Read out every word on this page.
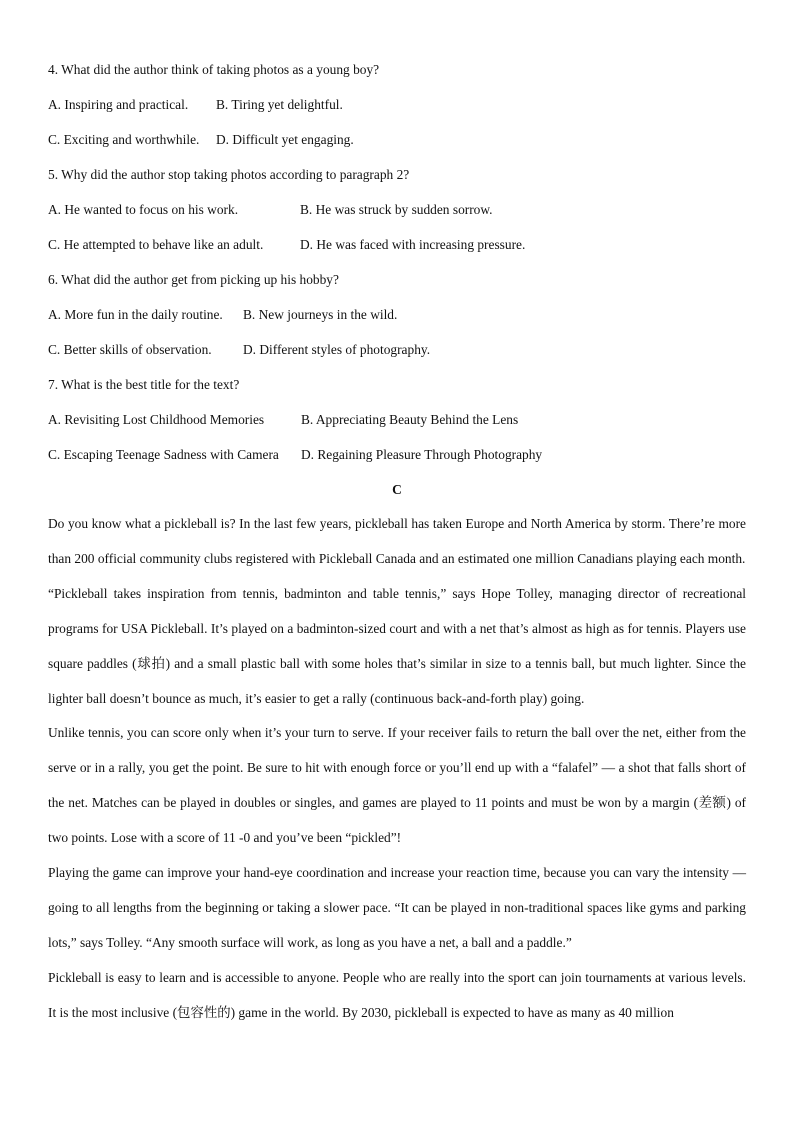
4. What did the author think of taking photos as a young boy?
A. Inspiring and practical.	B. Tiring yet delightful.
C. Exciting and worthwhile.	D. Difficult yet engaging.
5. Why did the author stop taking photos according to paragraph 2?
A. He wanted to focus on his work.	B. He was struck by sudden sorrow.
C. He attempted to behave like an adult.	D. He was faced with increasing pressure.
6. What did the author get from picking up his hobby?
A. More fun in the daily routine.	B. New journeys in the wild.
C. Better skills of observation.	D. Different styles of photography.
7. What is the best title for the text?
A. Revisiting Lost Childhood Memories	B. Appreciating Beauty Behind the Lens
C. Escaping Teenage Sadness with Camera	D. Regaining Pleasure Through Photography
C
Do you know what a pickleball is? In the last few years, pickleball has taken Europe and North America by storm. There’re more than 200 official community clubs registered with Pickleball Canada and an estimated one million Canadians playing each month.
“Pickleball takes inspiration from tennis, badminton and table tennis,” says Hope Tolley, managing director of recreational programs for USA Pickleball. It’s played on a badminton-sized court and with a net that’s almost as high as for tennis. Players use square paddles (球拍) and a small plastic ball with some holes that’s similar in size to a tennis ball, but much lighter. Since the lighter ball doesn’t bounce as much, it’s easier to get a rally (continuous back-and-forth play) going.
Unlike tennis, you can score only when it’s your turn to serve. If your receiver fails to return the ball over the net, either from the serve or in a rally, you get the point. Be sure to hit with enough force or you’ll end up with a “falafel” — a shot that falls short of the net. Matches can be played in doubles or singles, and games are played to 11 points and must be won by a margin (差额) of two points. Lose with a score of 11 -0 and you’ve been “pickled”!
Playing the game can improve your hand-eye coordination and increase your reaction time, because you can vary the intensity — going to all lengths from the beginning or taking a slower pace. “It can be played in non-traditional spaces like gyms and parking lots,” says Tolley. “Any smooth surface will work, as long as you have a net, a ball and a paddle.”
Pickleball is easy to learn and is accessible to anyone. People who are really into the sport can join tournaments at various levels. It is the most inclusive (包容性的) game in the world. By 2030, pickleball is expected to have as many as 40 million
